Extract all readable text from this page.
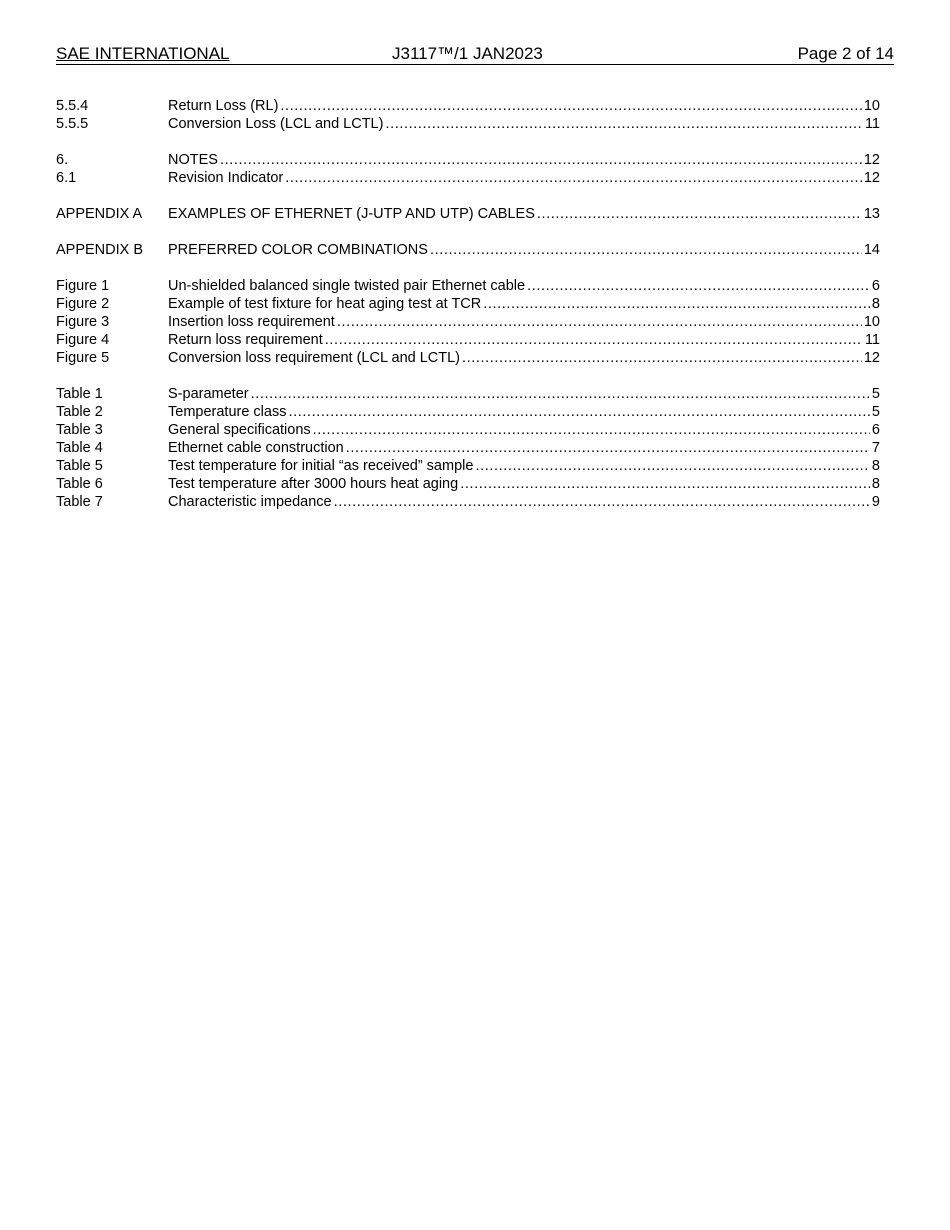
SAE INTERNATIONAL	J3117™/1 JAN2023	Page 2 of 14
5.5.4	Return Loss (RL) .....	10
5.5.5	Conversion Loss (LCL and LCTL) .....	11
6.	NOTES .....	12
6.1	Revision Indicator .....	12
APPENDIX A	EXAMPLES OF ETHERNET (J-UTP AND UTP) CABLES .....	13
APPENDIX B	PREFERRED COLOR COMBINATIONS .....	14
Figure 1	Un-shielded balanced single twisted pair Ethernet cable .....	6
Figure 2	Example of test fixture for heat aging test at TCR .....	8
Figure 3	Insertion loss requirement .....	10
Figure 4	Return loss requirement .....	11
Figure 5	Conversion loss requirement (LCL and LCTL) .....	12
Table 1	S-parameter .....	5
Table 2	Temperature class .....	5
Table 3	General specifications .....	6
Table 4	Ethernet cable construction .....	7
Table 5	Test temperature for initial “as received” sample .....	8
Table 6	Test temperature after 3000 hours heat aging .....	8
Table 7	Characteristic impedance .....	9
